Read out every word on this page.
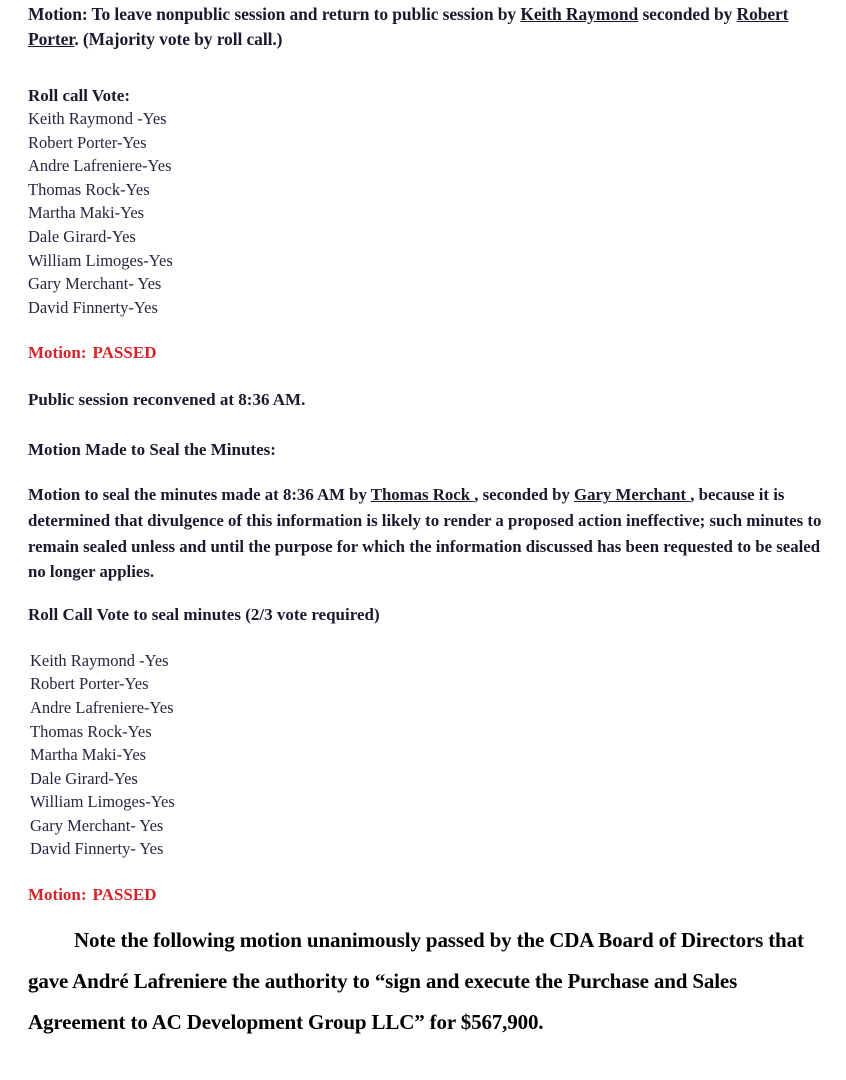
Motion: To leave nonpublic session and return to public session by Keith Raymond seconded by Robert Porter. (Majority vote by roll call.)
Roll call Vote:
Keith Raymond -Yes
Robert Porter-Yes
Andre Lafreniere-Yes
Thomas Rock-Yes
Martha Maki-Yes
Dale Girard-Yes
William Limoges-Yes
Gary Merchant- Yes
David Finnerty-Yes
Motion: PASSED
Public session reconvened at 8:36 AM.
Motion Made to Seal the Minutes:
Motion to seal the minutes made at 8:36 AM by Thomas Rock , seconded by Gary Merchant , because it is determined that divulgence of this information is likely to render a proposed action ineffective; such minutes to remain sealed unless and until the purpose for which the information discussed has been requested to be sealed no longer applies.
Roll Call Vote to seal minutes (2/3 vote required)
Keith Raymond -Yes
Robert Porter-Yes
Andre Lafreniere-Yes
Thomas Rock-Yes
Martha Maki-Yes
Dale Girard-Yes
William Limoges-Yes
Gary Merchant- Yes
David Finnerty- Yes
Motion: PASSED
Note the following motion unanimously passed by the CDA Board of Directors that gave André Lafreniere the authority to “sign and execute the Purchase and Sales Agreement to AC Development Group LLC” for $567,900.
